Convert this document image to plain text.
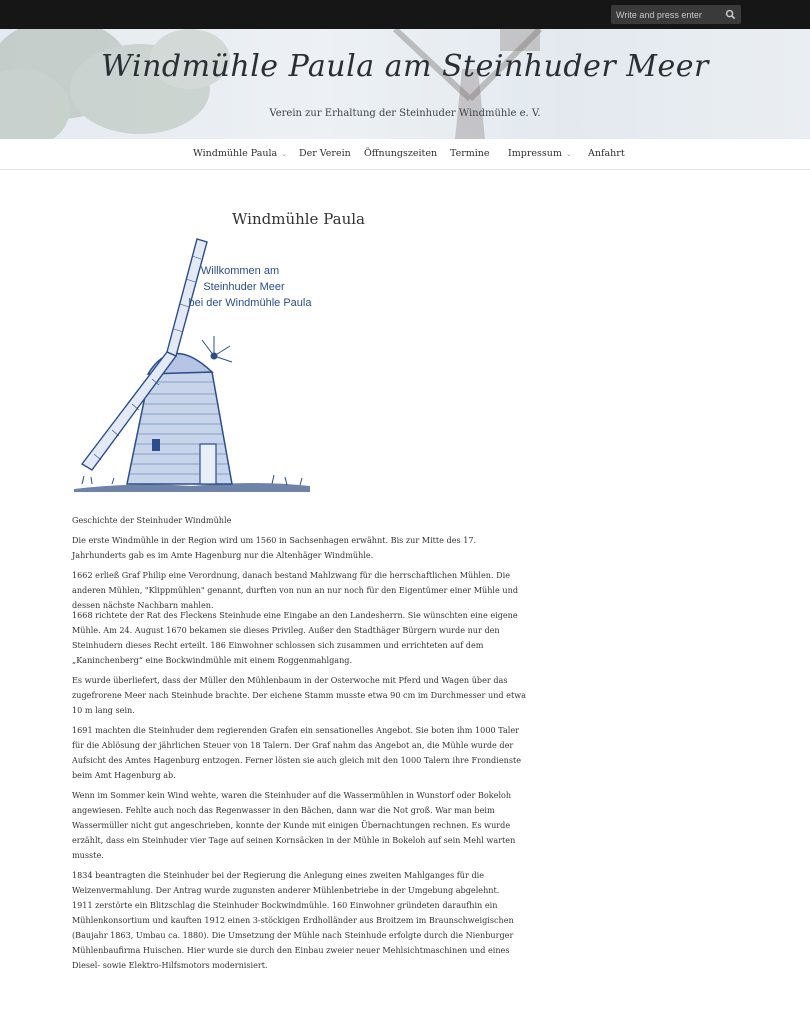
Write and press enter
Windmühle Paula am Steinhuder Meer
Verein zur Erhaltung der Steinhuder Windmühle e. V.
Windmühle Paula ⌄ Der Verein Öffnungszeiten Termine Impressum ⌄ Anfahrt
Windmühle Paula
Willkommen am
Steinhuder Meer
bei der Windmühle Paula

Geschichte der Steinhuder Windmühle

Die erste Windmühle in der Region wird um 1560 in Sachsenhagen erwähnt. Bis zur Mitte des 17. Jahrhunderts gab es im Amte Hagenburg nur die Altenhäger Windmühle.

1662 erließ Graf Philip eine Verordnung, danach bestand Mahlzwang für die herrschaftlichen Mühlen. Die anderen Mühlen, "Klippmühlen" genannt, durften von nun an nur noch für den Eigentümer einer Mühle und dessen nächste Nachbarn mahlen.

1668 richtete der Rat des Fleckens Steinhude eine Eingabe an den Landesherrn. Sie wünschten eine eigene Mühle. Am 24. August 1670 bekamen sie dieses Privileg. Außer den Stadthäger Bürgern wurde nur den Steinhudern dieses Recht erteilt. 186 Einwohner schlossen sich zusammen und errichteten auf dem „Kaninchenberg“ eine Bockwindmühle mit einem Roggenmahlgang.

Es wurde überliefert, dass der Müller den Mühlenbaum in der Osterwoche mit Pferd und Wagen über das zugefrorene Meer nach Steinhude brachte. Der eichene Stamm musste etwa 90 cm im Durchmesser und etwa 10 m lang sein.

1691 machten die Steinhuder dem regierenden Grafen ein sensationelles Angebot. Sie boten ihm 1000 Taler für die Ablösung der jährlichen Steuer von 18 Talern. Der Graf nahm das Angebot an, die Mühle wurde der Aufsicht des Amtes Hagenburg entzogen. Ferner lösten sie auch gleich mit den 1000 Talern ihre Frondienste beim Amt Hagenburg ab.

Wenn im Sommer kein Wind wehte, waren die Steinhuder auf die Wassermühlen in Wunstorf oder Bokeloh angewiesen. Fehlte auch noch das Regenwasser in den Bächen, dann war die Not groß. War man beim Wassermüller nicht gut angeschrieben, konnte der Kunde mit einigen Übernachtungen rechnen. Es wurde erzählt, dass ein Steinhuder vier Tage auf seinen Kornsäcken in der Mühle in Bokeloh auf sein Mehl warten musste.

1834 beantragten die Steinhuder bei der Regierung die Anlegung eines zweiten Mahlganges für die Weizenvermahlung. Der Antrag wurde zugunsten anderer Mühlenbetriebe in der Umgebung abgelehnt.

1911 zerstörte ein Blitzschlag die Steinhuder Bockwindmühle. 160 Einwohner gründeten daraufhin ein Mühlenkonsortium und kauften 1912 einen 3-stöckigen Erdholländer aus Broitzem im Braunschweigischen (Baujahr 1863, Umbau ca. 1880). Die Umsetzung der Mühle nach Steinhude erfolgte durch die Nienburger Mühlenbaufirma Huischen. Hier wurde sie durch den Einbau zweier neuer Mehlsichtmaschinen und eines Diesel- sowie Elektro-Hilfsmotors modernisiert.
